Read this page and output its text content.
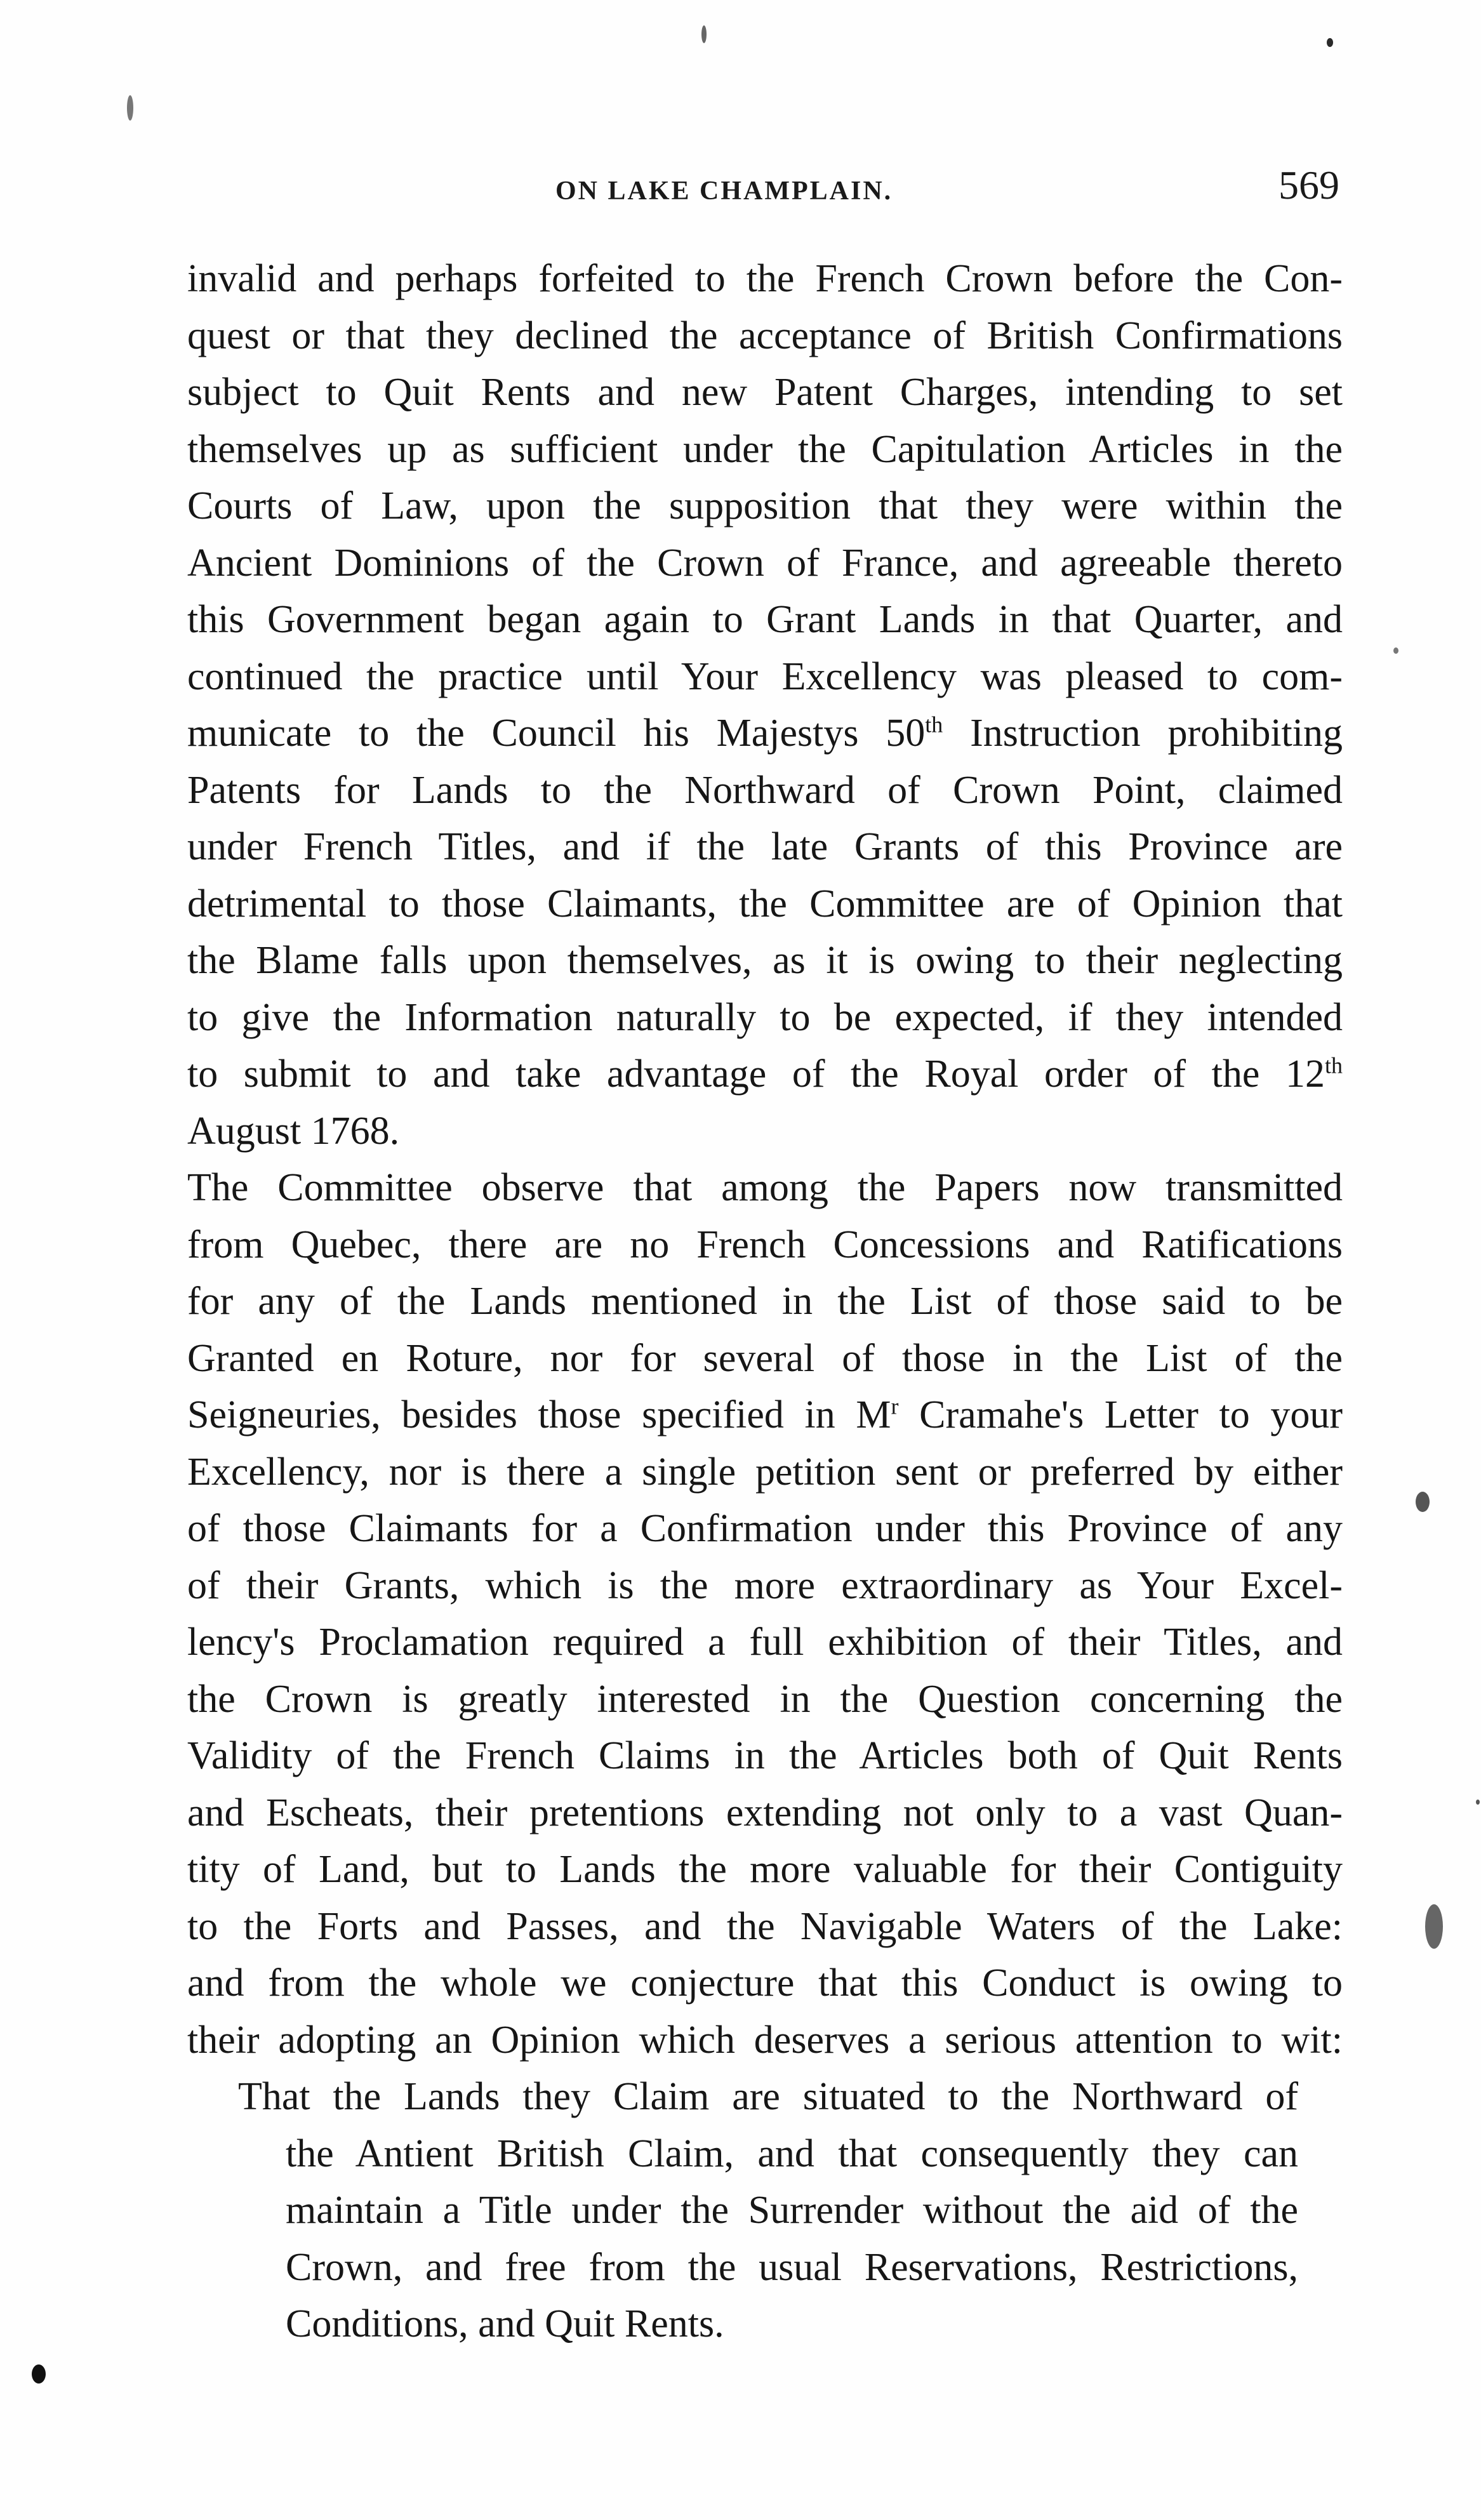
ON LAKE CHAMPLAIN.	569
invalid and perhaps forfeited to the French Crown before the Con-
quest or that they declined the acceptance of British Confirmations
subject to Quit Rents and new Patent Charges, intending to set
themselves up as sufficient under the Capitulation Articles in the
Courts of Law, upon the supposition that they were within the
Ancient Dominions of the Crown of France, and agreeable thereto
this Government began again to Grant Lands in that Quarter, and
continued the practice until Your Excellency was pleased to com-
municate to the Council his Majestys 50th Instruction prohibiting
Patents for Lands to the Northward of Crown Point, claimed
under French Titles, and if the late Grants of this Province are
detrimental to those Claimants, the Committee are of Opinion that
the Blame falls upon themselves, as it is owing to their neglecting
to give the Information naturally to be expected, if they intended
to submit to and take advantage of the Royal order of the 12th
August 1768.
The Committee observe that among the Papers now transmitted
from Quebec, there are no French Concessions and Ratifications
for any of the Lands mentioned in the List of those said to be
Granted en Roture, nor for several of those in the List of the
Seigneuries, besides those specified in $M^r$ Cramahe's Letter to your
Excellency, nor is there a single petition sent or preferred by either
of those Claimants for a Confirmation under this Province of any
of their Grants, which is the more extraordinary as Your Excel-
lency's Proclamation required a full exhibition of their Titles, and
the Crown is greatly interested in the Question concerning the
Validity of the French Claims in the Articles both of Quit Rents
and Escheats, their pretentions extending not only to a vast Quan-
tity of Land, but to Lands the more valuable for their Contiguity
to the Forts and Passes, and the Navigable Waters of the Lake:
and from the whole we conjecture that this Conduct is owing to
their adopting an Opinion which deserves a serious attention to wit:
That the Lands they Claim are situated to the Northward of
the Antient British Claim, and that consequently they can
maintain a Title under the Surrender without the aid of the
Crown, and free from the usual Reservations, Restrictions,
Conditions, and Quit Rents.
